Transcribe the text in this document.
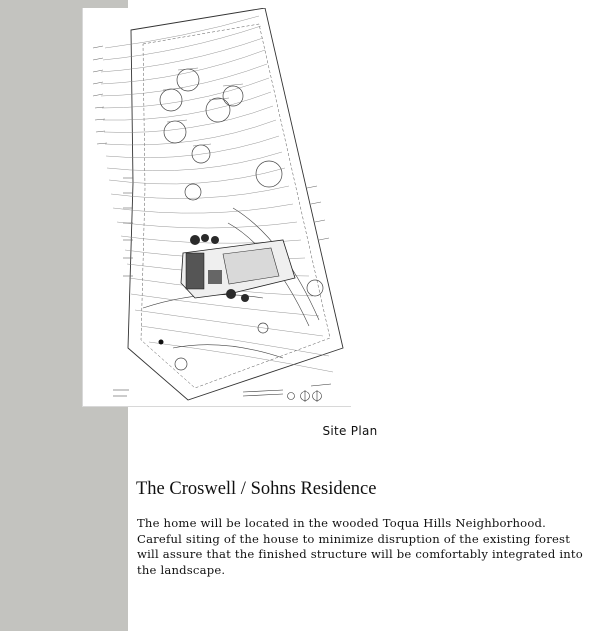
Site Plan
The Croswell / Sohns Residence
The home will be located in the wooded Toqua Hills Neighborhood. Careful siting of the house to minimize disruption of the existing forest will assure that the finished structure will be comfortably integrated into the landscape.
